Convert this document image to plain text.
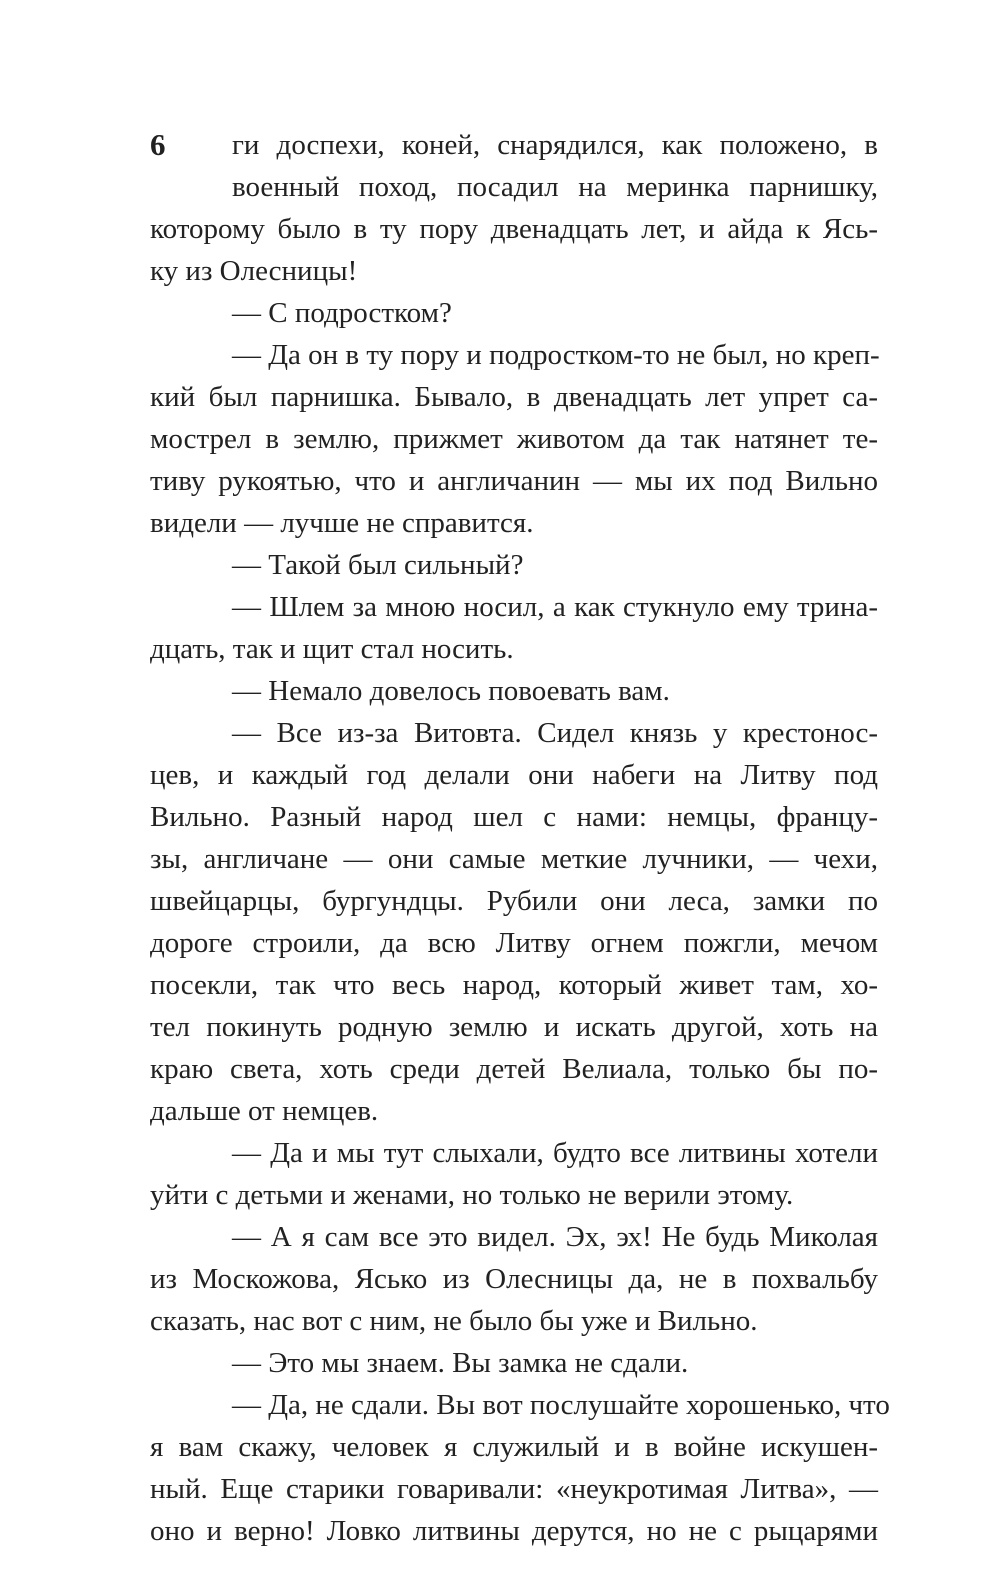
6	ги доспехи, коней, снарядился, как положено, в
военный поход, посадил на меринка парнишку,
которому было в ту пору двенадцать лет, и айда к Ясь-
ку из Олесницы!
— С подростком?
— Да он в ту пору и подростком-то не был, но креп-
кий был парнишка. Бывало, в двенадцать лет упрет са-
мострел в землю, прижмет животом да так натянет те-
тиву рукоятью, что и англичанин — мы их под Вильно
видели — лучше не справится.
— Такой был сильный?
— Шлем за мною носил, а как стукнуло ему трина-
дцать, так и щит стал носить.
— Немало довелось повоевать вам.
— Все из-за Витовта. Сидел князь у крестонос-
цев, и каждый год делали они набеги на Литву под
Вильно. Разный народ шел с нами: немцы, францу-
зы, англичане — они самые меткие лучники, — чехи,
швейцарцы, бургундцы. Рубили они леса, замки по
дороге строили, да всю Литву огнем пожгли, мечом
посекли, так что весь народ, который живет там, хо-
тел покинуть родную землю и искать другой, хоть на
краю света, хоть среди детей Велиала, только бы по-
дальше от немцев.
— Да и мы тут слыхали, будто все литвины хотели
уйти с детьми и женами, но только не верили этому.
— А я сам все это видел. Эх, эх! Не будь Миколая
из Москожова, Ясько из Олесницы да, не в похвальбу
сказать, нас вот с ним, не было бы уже и Вильно.
— Это мы знаем. Вы замка не сдали.
— Да, не сдали. Вы вот послушайте хорошенько, что
я вам скажу, человек я служилый и в войне искушен-
ный. Еще старики говаривали: «неукротимая Литва», —
оно и верно! Ловко литвины дерутся, но не с рыцарями
